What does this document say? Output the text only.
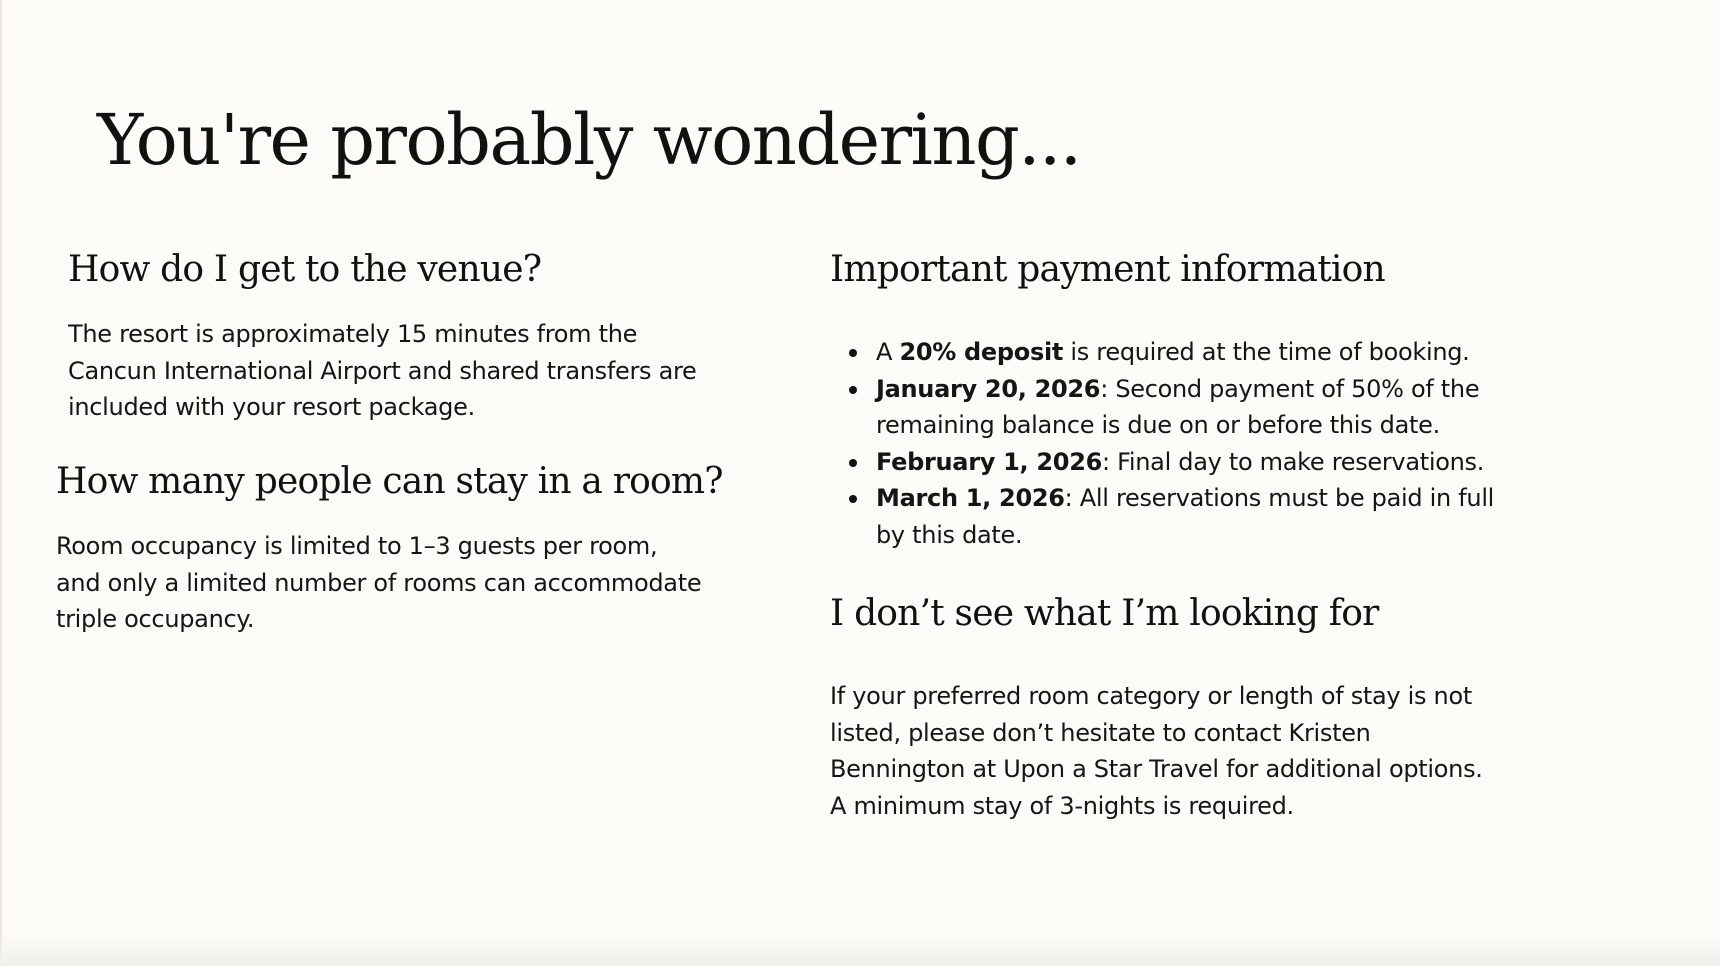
You're probably wondering...
How do I get to the venue?

The resort is approximately 15 minutes from the
Cancun International Airport and shared transfers are
included with your resort package.

How many people can stay in a room?

Room occupancy is limited to 1–3 guests per room,
and only a limited number of rooms can accommodate
triple occupancy.

Important payment information
A 20% deposit is required at the time of booking.
January 20, 2026: Second payment of 50% of the
remaining balance is due on or before this date.
February 1, 2026: Final day to make reservations.
March 1, 2026: All reservations must be paid in full
by this date.
I don’t see what I’m looking for

If your preferred room category or length of stay is not
listed, please don’t hesitate to contact Kristen
Bennington at Upon a Star Travel for additional options.
A minimum stay of 3-nights is required.
